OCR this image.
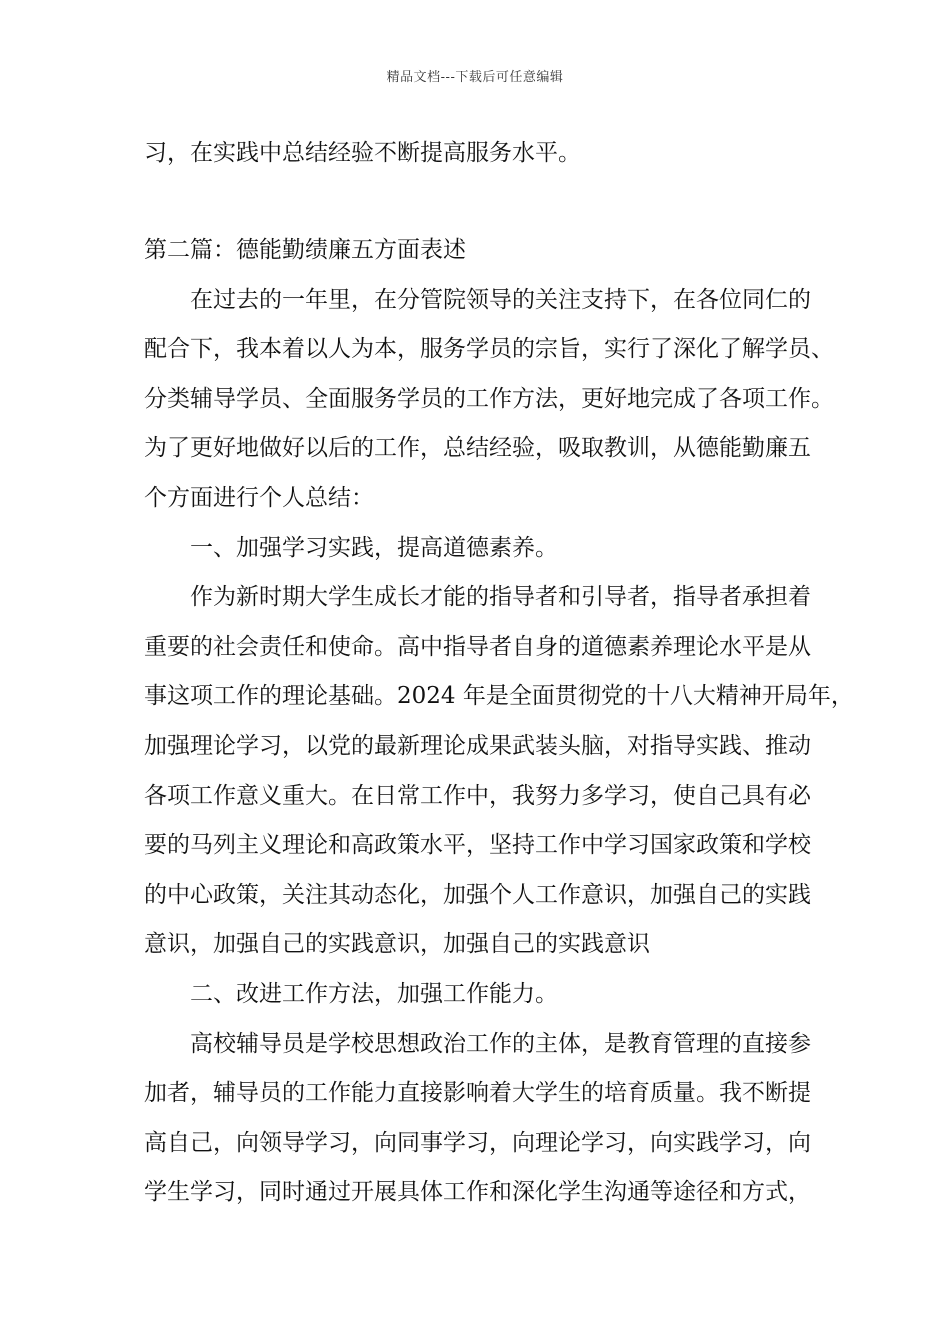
精品文档---下载后可任意编辑
习，在实践中总结经验不断提高服务水平。
第二篇：德能勤绩廉五方面表述
在过去的一年里，在分管院领导的关注支持下，在各位同仁的
配合下，我本着以人为本，服务学员的宗旨，实行了深化了解学员、
分类辅导学员、全面服务学员的工作方法，更好地完成了各项工作。
为了更好地做好以后的工作，总结经验，吸取教训，从德能勤廉五
个方面进行个人总结：
一、加强学习实践，提高道德素养。
作为新时期大学生成长才能的指导者和引导者，指导者承担着
重要的社会责任和使命。高中指导者自身的道德素养理论水平是从
事这项工作的理论基础。2024 年是全面贯彻党的十八大精神开局年，
加强理论学习，以党的最新理论成果武装头脑，对指导实践、推动
各项工作意义重大。在日常工作中，我努力多学习，使自己具有必
要的马列主义理论和高政策水平，坚持工作中学习国家政策和学校
的中心政策，关注其动态化，加强个人工作意识，加强自己的实践
意识，加强自己的实践意识，加强自己的实践意识
二、改进工作方法，加强工作能力。
高校辅导员是学校思想政治工作的主体，是教育管理的直接参
加者，辅导员的工作能力直接影响着大学生的培育质量。我不断提
高自己，向领导学习，向同事学习，向理论学习，向实践学习，向
学生学习，同时通过开展具体工作和深化学生沟通等途径和方式，
